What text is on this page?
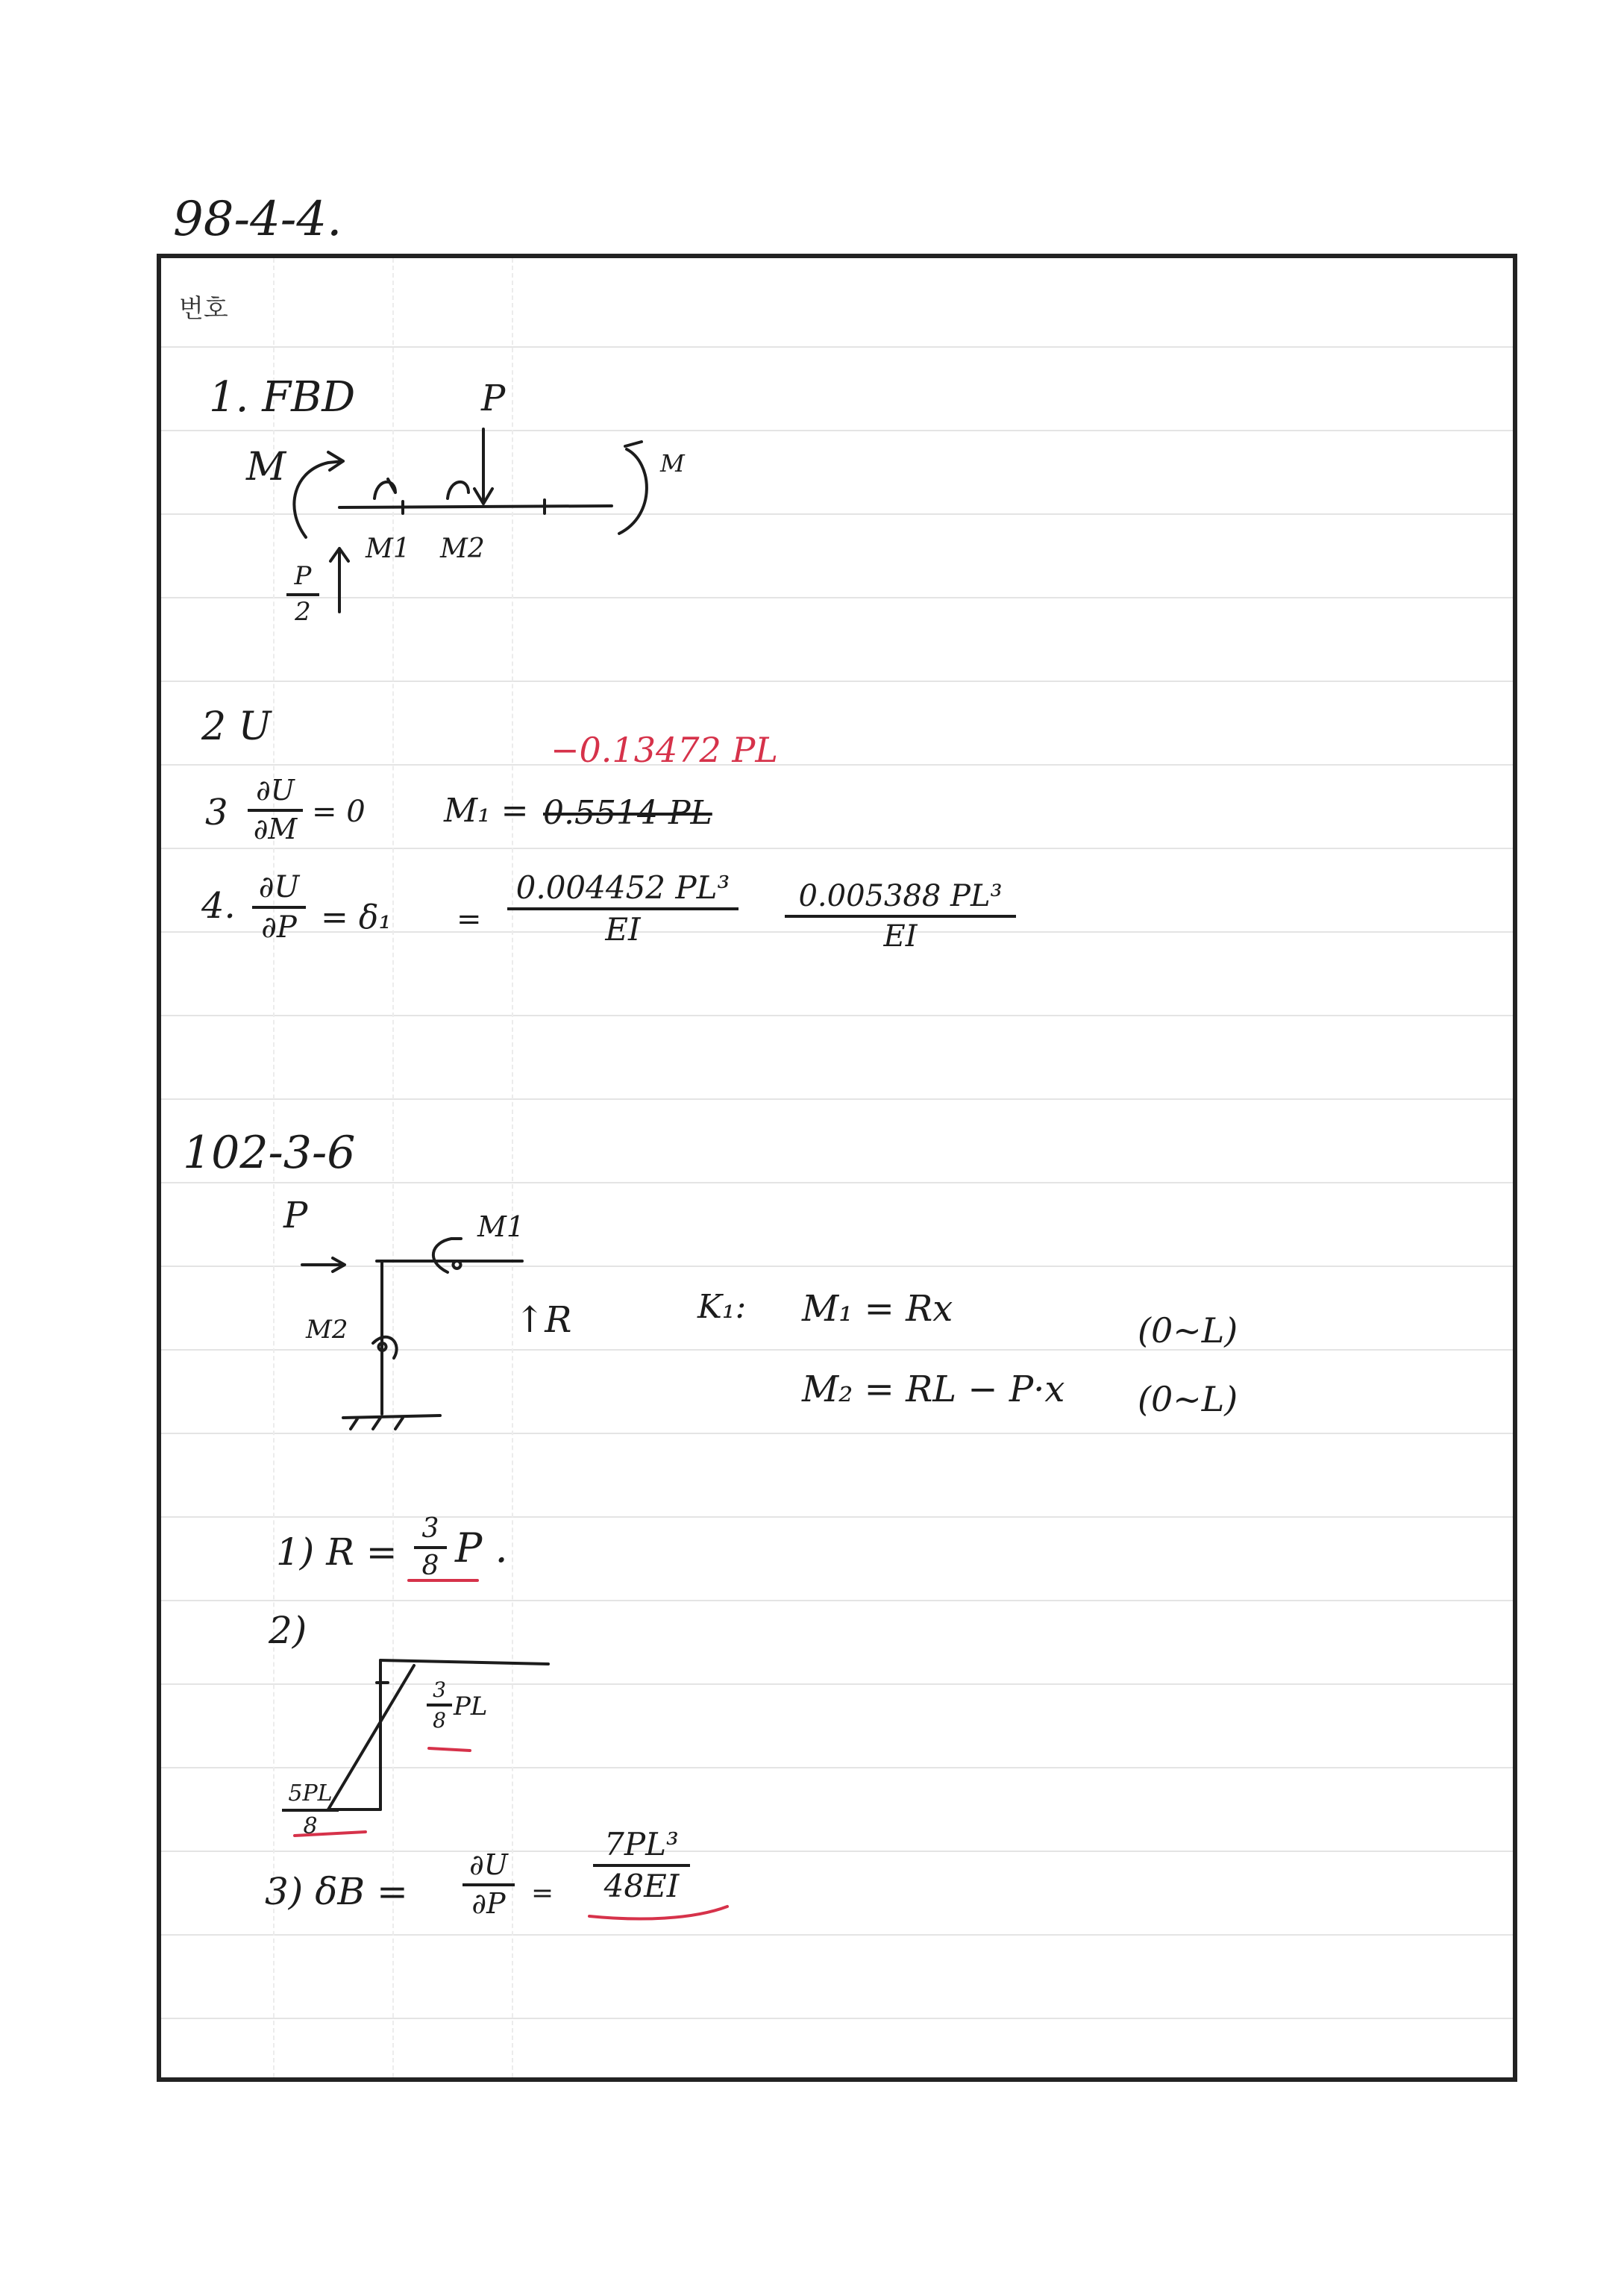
98-4-4.
번호
1. FBD	P
M	M
M1 M2
P
2
2 U
−0.13472 PL
3
∂U
∂M = 0 M₁ = 0.5514 PL
4. ∂U
∂P = δ₁ =
0.004452 PL³
EI
0.005388 PL³
EI
102-3-6
P	M1
M2	↑R	K₁: M₁ = Rx
M₂ = RL − P·x
(0~L)
(0~L)
1) R =
3
8 P .
2)
3
8 PL
5PL
8
3) δB =
∂U
∂P =
7PL³
48EI
